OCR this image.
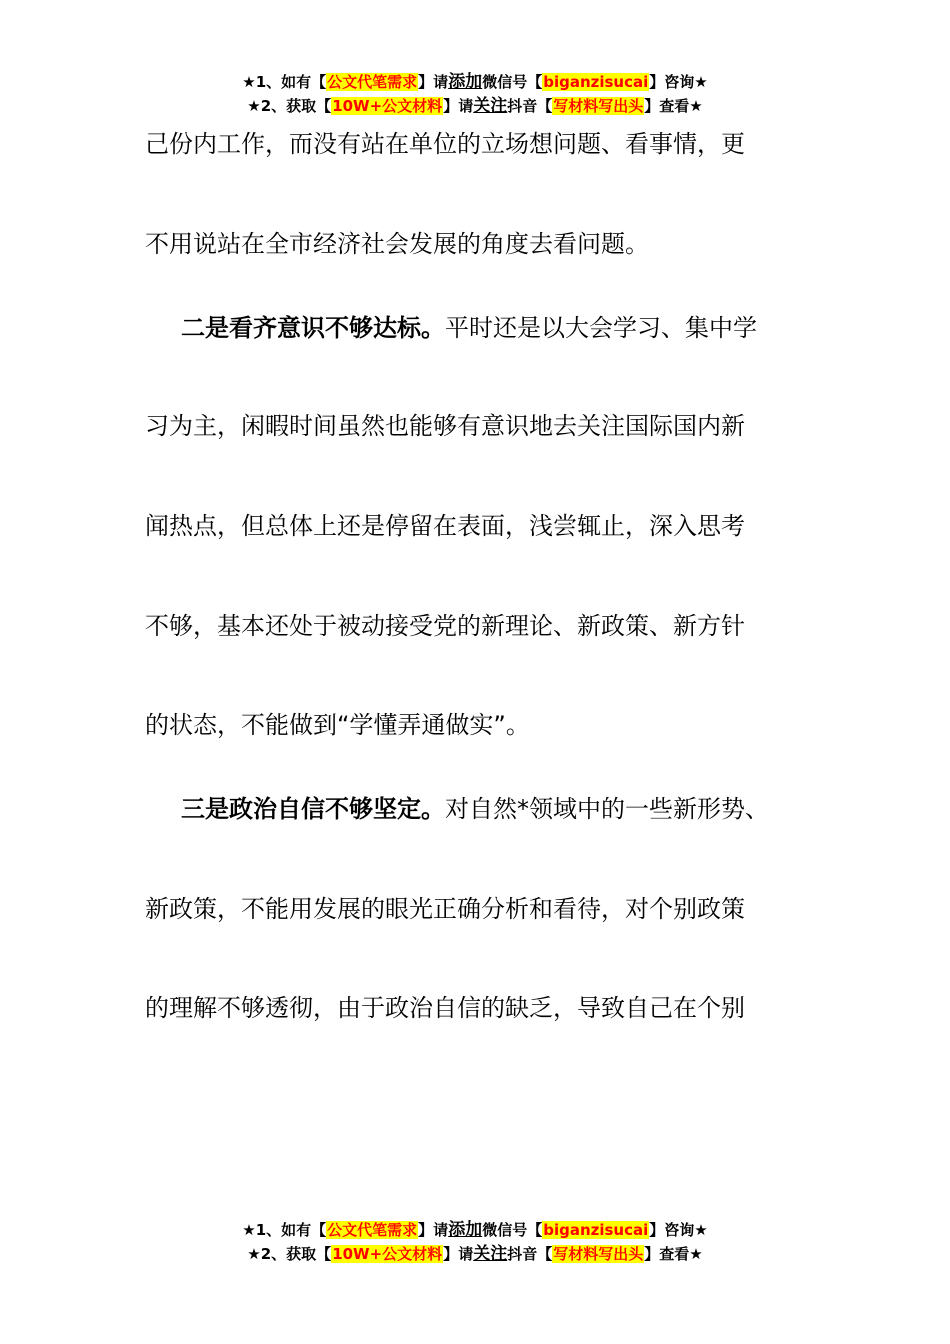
★1、如有【公文代笔需求】请添加微信号【biganzisucai】咨询★
★2、获取【10W+公文材料】请关注抖音【写材料写出头】查看★
己份内工作，而没有站在单位的立场想问题、看事情，更
不用说站在全市经济社会发展的角度去看问题。
二是看齐意识不够达标。平时还是以大会学习、集中学
习为主，闲暇时间虽然也能够有意识地去关注国际国内新
闻热点，但总体上还是停留在表面，浅尝辄止，深入思考
不够，基本还处于被动接受党的新理论、新政策、新方针
的状态，不能做到“学懂弄通做实”。
三是政治自信不够坚定。对自然*领域中的一些新形势、
新政策，不能用发展的眼光正确分析和看待，对个别政策
的理解不够透彻，由于政治自信的缺乏，导致自己在个别
★1、如有【公文代笔需求】请添加微信号【biganzisucai】咨询★
★2、获取【10W+公文材料】请关注抖音【写材料写出头】查看★
